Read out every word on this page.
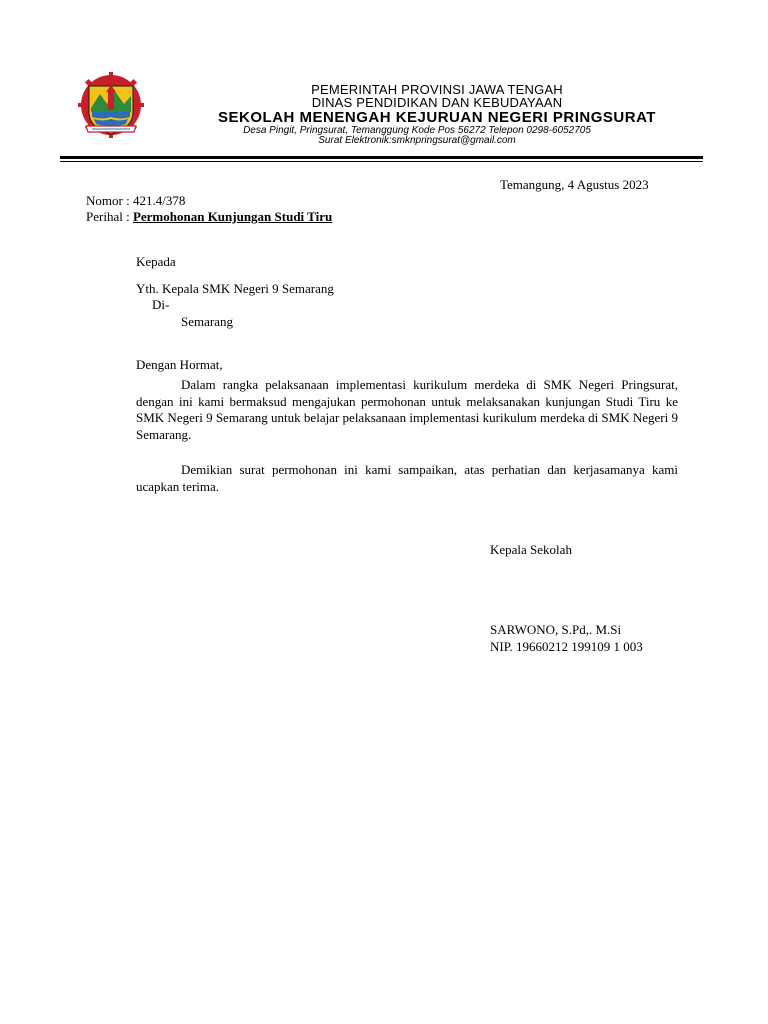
PEMERINTAH PROVINSI JAWA TENGAH
DINAS PENDIDIKAN DAN KEBUDAYAAN
SEKOLAH MENENGAH KEJURUAN NEGERI PRINGSURAT
Desa Pingit, Pringsurat, Temanggung Kode Pos 56272 Telepon 0298-6052705
Surat Elektronik:smknpringsurat@gmail.com
Temangung, 4 Agustus 2023
Nomor : 421.4/378
Perihal : Permohonan Kunjungan Studi Tiru
Kepada
Yth. Kepala SMK Negeri 9 Semarang
Di-
Semarang
Dengan Hormat,
Dalam rangka pelaksanaan implementasi kurikulum merdeka di SMK Negeri Pringsurat, dengan ini kami bermaksud mengajukan permohonan untuk melaksanakan kunjungan Studi Tiru ke SMK Negeri 9 Semarang untuk belajar pelaksanaan implementasi kurikulum merdeka di SMK Negeri 9 Semarang.
Demikian surat permohonan ini kami sampaikan, atas perhatian dan kerjasamanya kami ucapkan terima.
Kepala Sekolah
SARWONO, S.Pd,. M.Si
NIP. 19660212 199109 1 003
